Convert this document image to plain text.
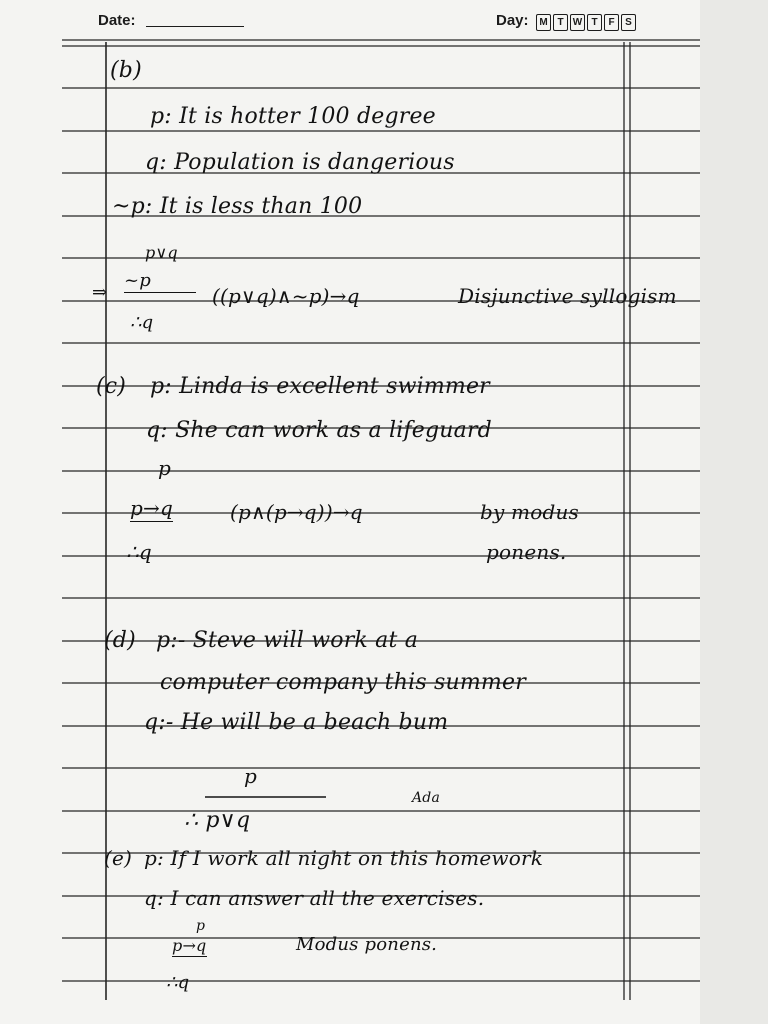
Date:	Day:	M T W T	F	S
(b)
p: It is hotter 100 degree
q: Population is dangerious
~p: It is less than 100
p∨q
⇒
~p
∴q
((p∨q)∧~p)→q	Disjunctive syllogism
(c) p: Linda is excellent swimmer
q: She can work as a lifeguard
p
p→q
∴q
(p∧(p→q))→q	by modus
ponens.
(d) p:- Steve will work at a
computer company this summer
q:- He will be a beach bum
p
∴ p∨q
Ada
(e) p: If I work all night on this homework
q: I can answer all the exercises.
p
p→q
∴q
Modus ponens.
